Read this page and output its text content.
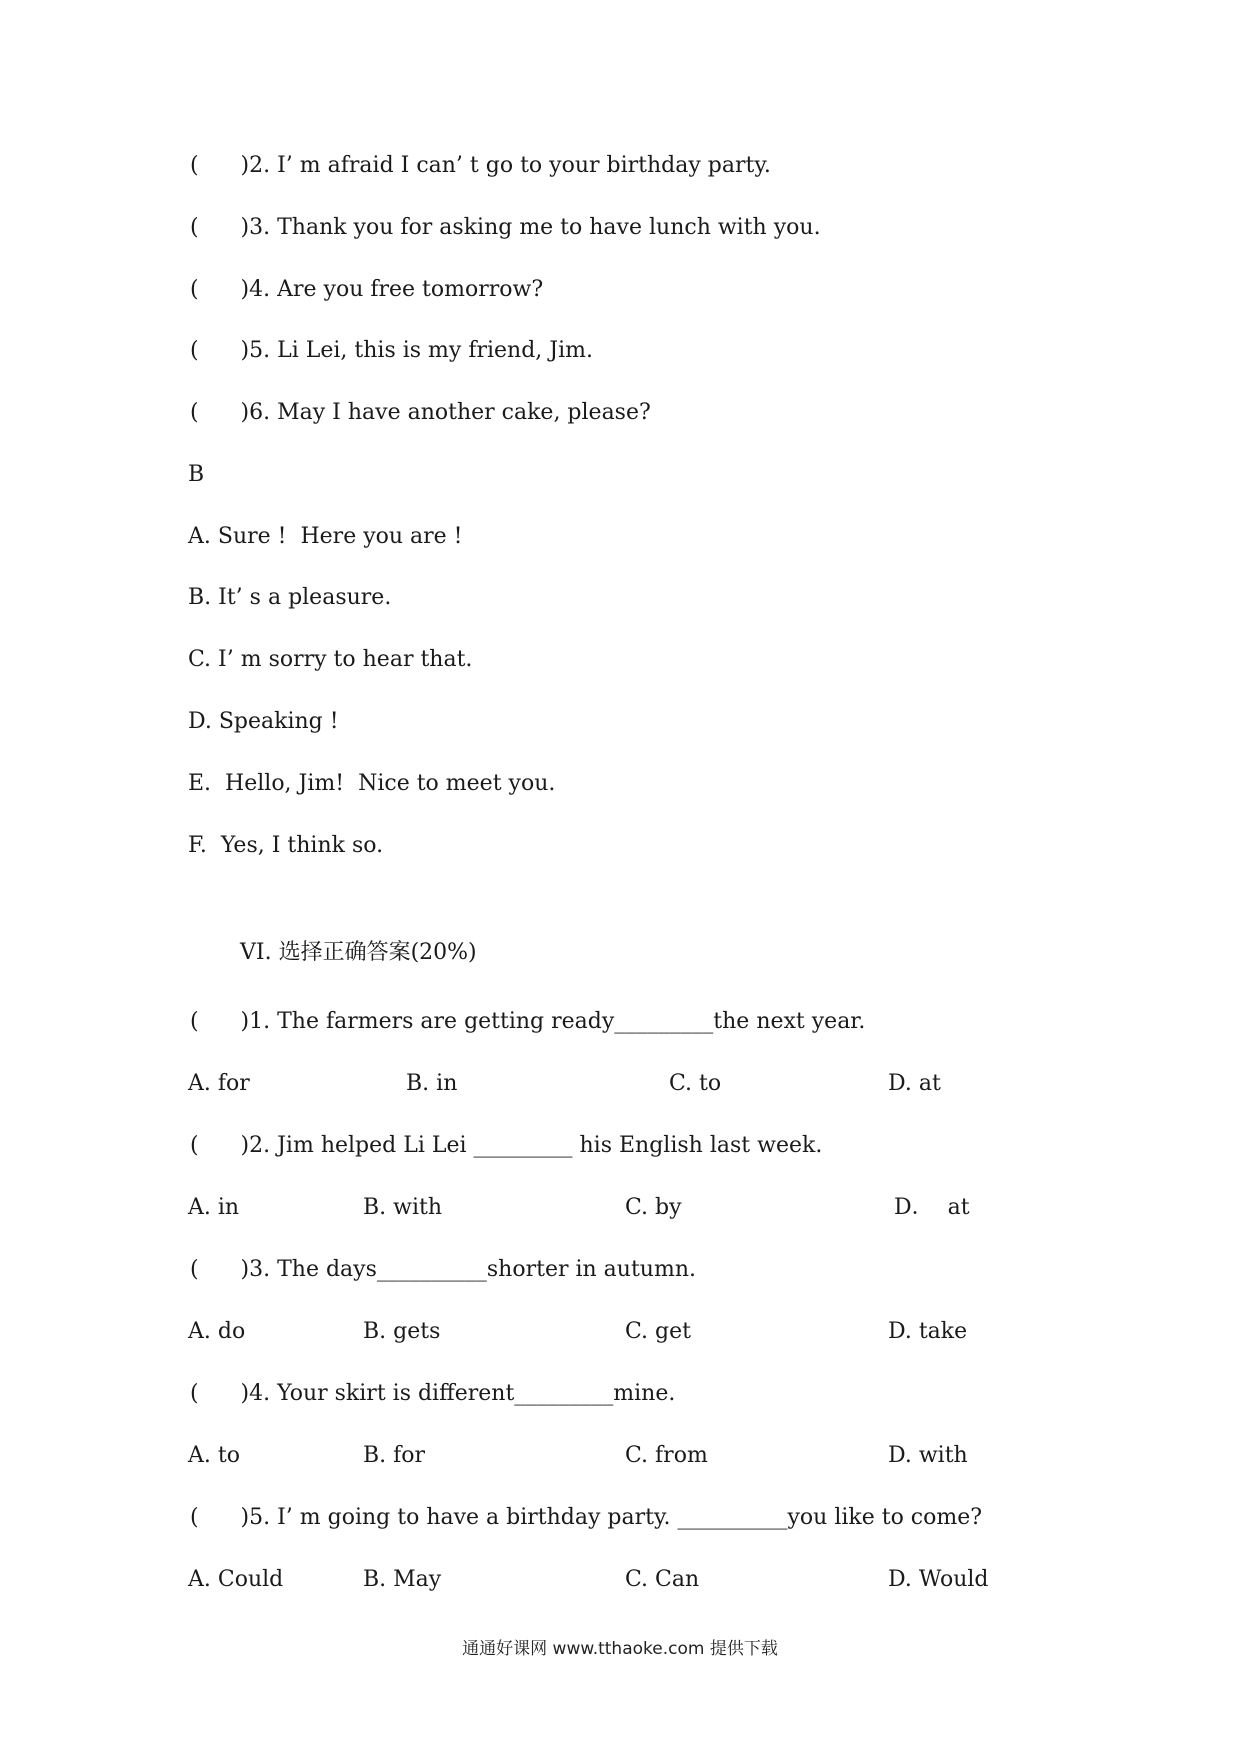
(      )2. I’ m afraid I can’ t go to your birthday party.
(      )3. Thank you for asking me to have lunch with you.
(      )4. Are you free tomorrow?
(      )5. Li Lei, this is my friend, Jim.
(      )6. May I have another cake, please?
B
A. Sure !  Here you are !
B. It’ s a pleasure.
C. I’ m sorry to hear that.
D. Speaking !
E.  Hello, Jim!  Nice to meet you.
F.  Yes, I think so.
VI. 选择正确答案(20%)
(      )1. The farmers are getting ready_________the next year.
A. for	B. in	C. to	D. at
(      )2. Jim helped Li Lei _________ his English last week.
A. in	B. with	C. by	D．  at
(      )3. The days__________shorter in autumn.
A. do	B. gets	C. get	D. take
(      )4. Your skirt is different_________mine.
A. to	B. for	C. from	D. with
(      )5. I’ m going to have a birthday party. __________you like to come?
A. Could	B. May	C. Can	D. Would
通通好课网 www.tthaoke.com 提供下载
